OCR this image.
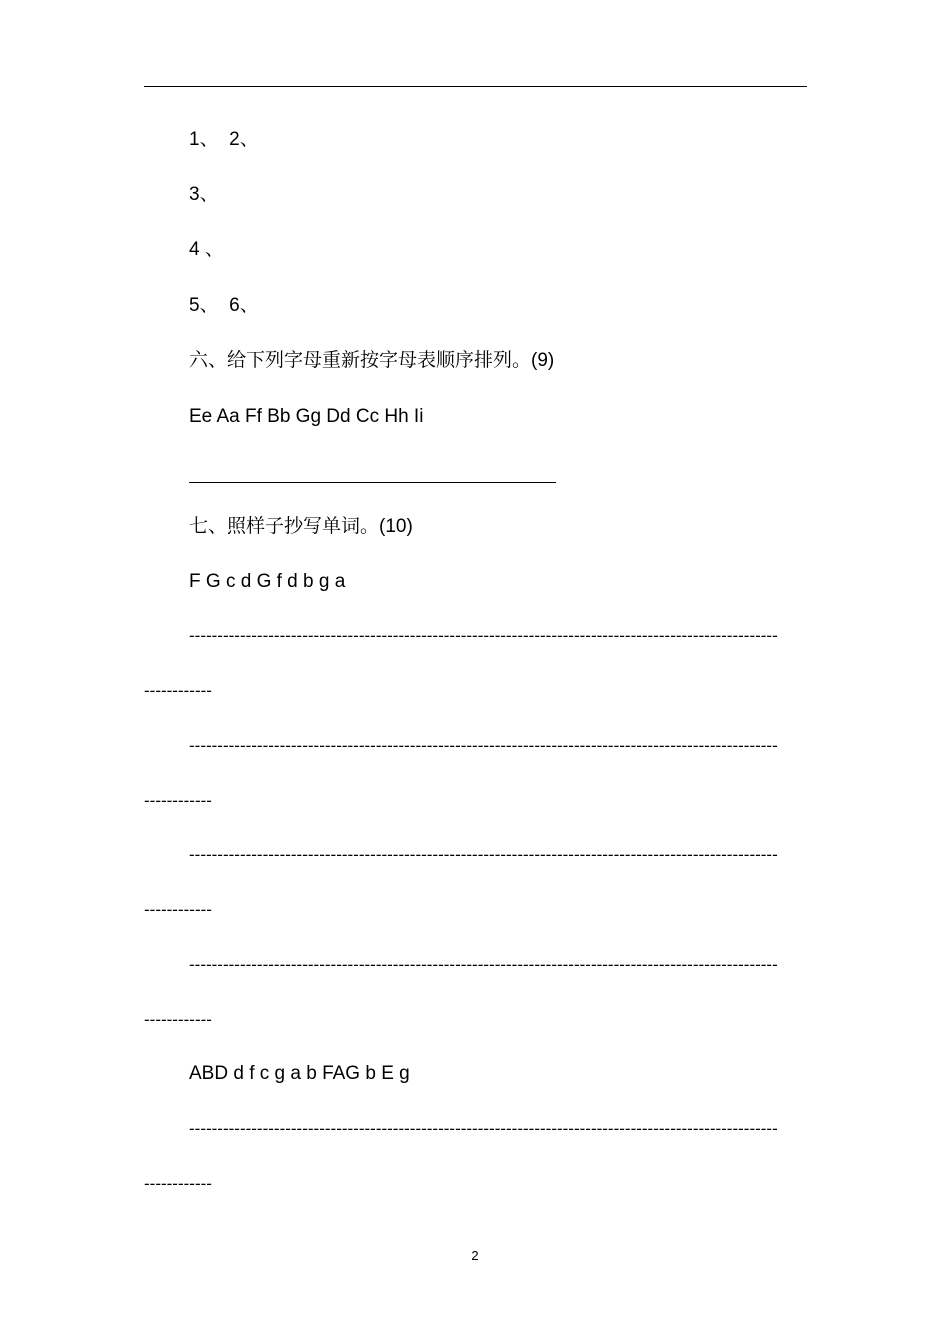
1、  2、
3、
4 、
5、  6、
六、给下列字母重新按字母表顺序排列。(9)
Ee Aa Ff Bb Gg Dd Cc Hh Ii
七、照样子抄写单词。(10)
F G c d G f d b g a
--------------------------------------------------------------------------------------------------------
------------
--------------------------------------------------------------------------------------------------------
------------
--------------------------------------------------------------------------------------------------------
------------
--------------------------------------------------------------------------------------------------------
------------
ABD d f c g a b FAG b E g
--------------------------------------------------------------------------------------------------------
------------
2
